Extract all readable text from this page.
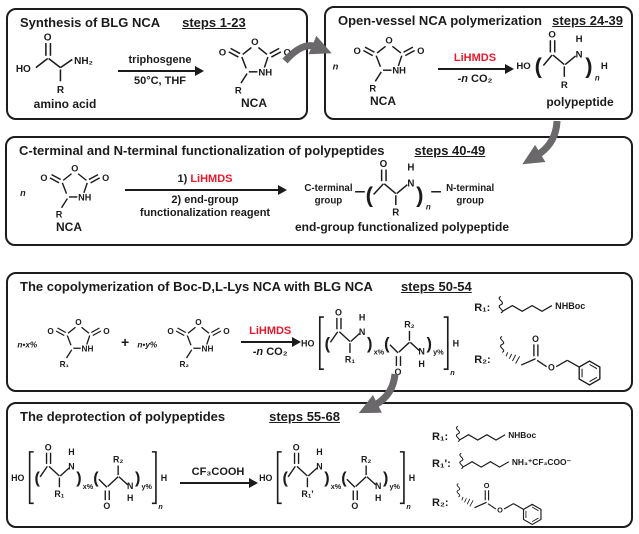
Synthesis of BLG NCA steps 1-23
HO
O
NH₂
R
amino acid
triphosgene
50°C, THF
O
NH
O
O
R
NCA
Open-vessel NCA polymerization steps 24-39
n
O
NH
O
O
R
NCA
LiHMDS
-n CO₂
HO (
O
R
N
H
) n
H
polypeptide
C-terminal and N-terminal functionalization of polypeptides steps 40-49
n
O
NH
O
O
R
NCA
1) LiHMDS
2) end-group
functionalization reagent
C-terminal
group (
O
R
N
H
) n
N-terminal
group
end-group functionalized polypeptide
The copolymerization of Boc-D,L-Lys NCA with BLG NCA steps 50-54
n•x%
O
NH
O
O
R₁
+ n•y%
O
NH
O
O
R₂
LiHMDS
-n CO₂
HO (
O
R₁
N
H
) x% (
O
R₂
N
H
) y%
n
H
R₁:	NHBoc
R₂:
O
O
The deprotection of polypeptides	steps 55-68
HO (
O
R₁
N
H
) x% (
O
R₂
N
H
) y%
n
H
CF₃COOH
HO (
O
R₁'
N
H
) x% (
O
R₂
N
H
) y%
n
H
R₁:	NHBoc
R₁':	NH₃⁺CF₃COO⁻
R₂:
O
O
